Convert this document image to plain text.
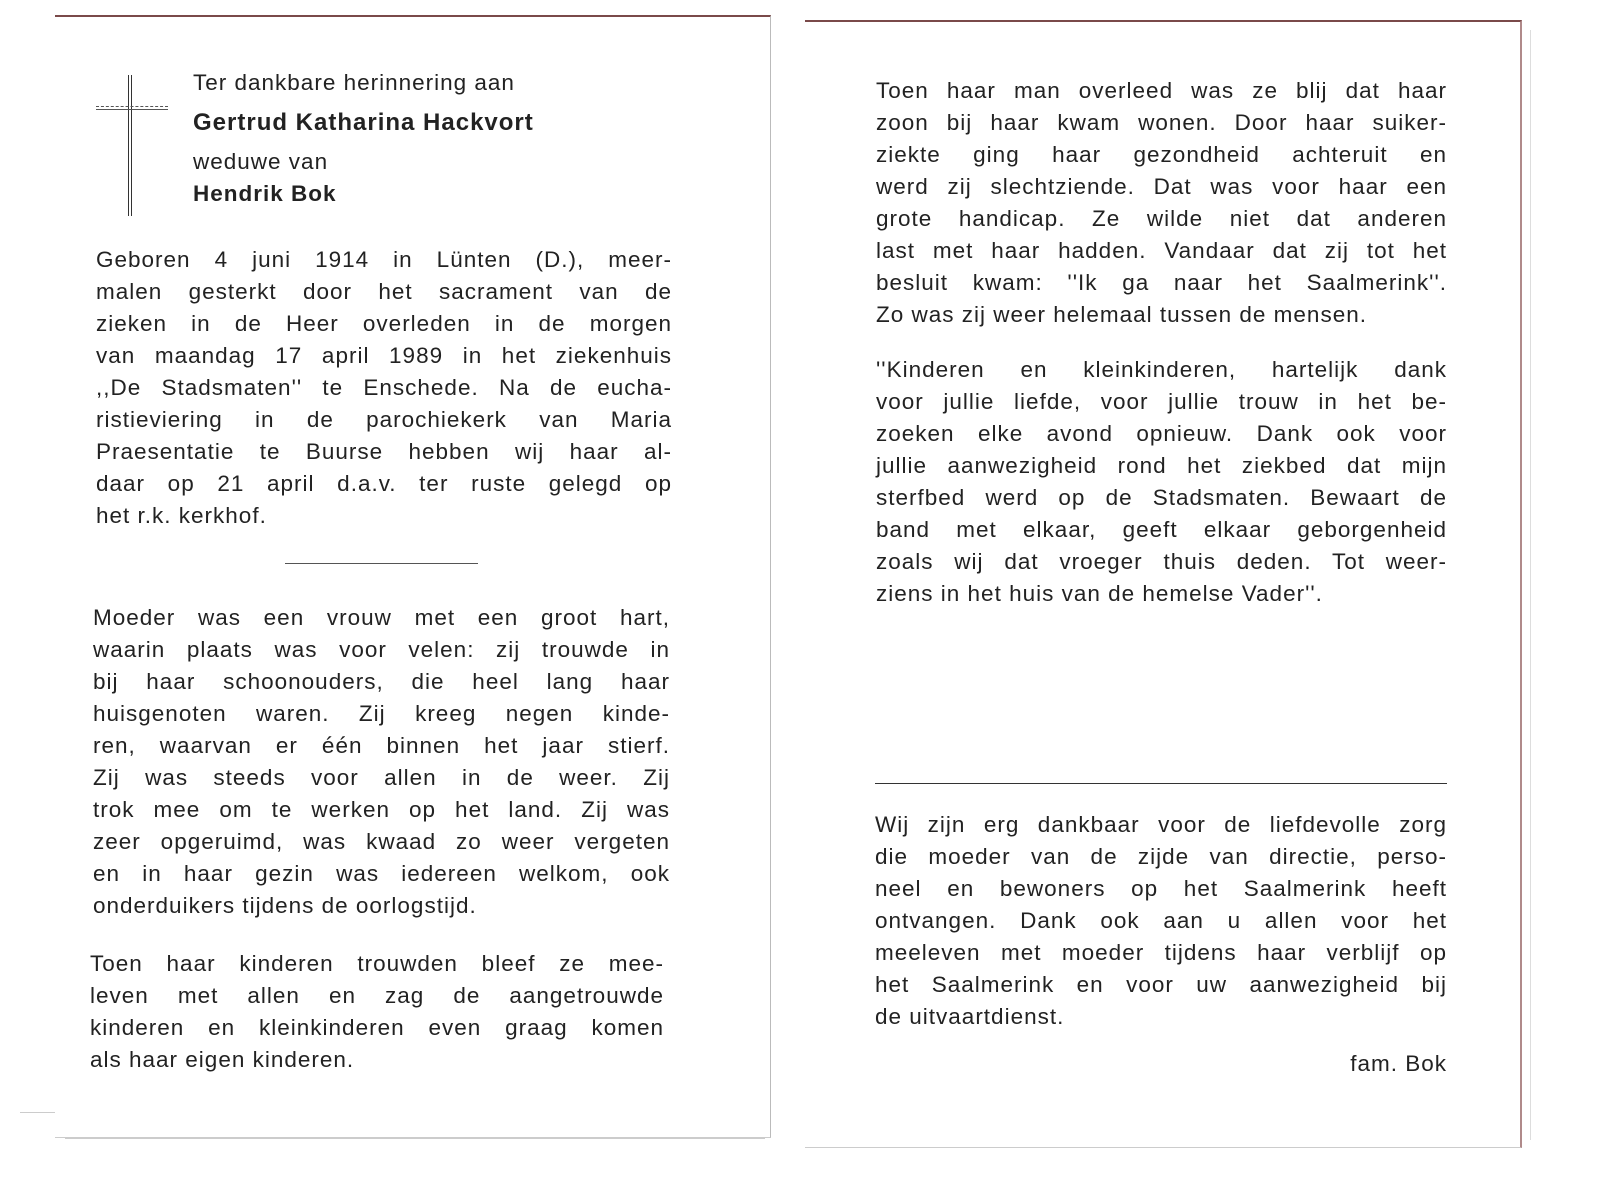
Ter dankbare herinnering aan
Gertrud Katharina Hackvort
weduwe van
Hendrik Bok
Geboren 4 juni 1914 in Lünten (D.), meer-
malen gesterkt door het sacrament van de
zieken in de Heer overleden in de morgen
van maandag 17 april 1989 in het ziekenhuis
,,De Stadsmaten'' te Enschede. Na de eucha-
ristieviering in de parochiekerk van Maria
Praesentatie te Buurse hebben wij haar al-
daar op 21 april d.a.v. ter ruste gelegd op
het r.k. kerkhof.
Moeder was een vrouw met een groot hart,
waarin plaats was voor velen: zij trouwde in
bij haar schoonouders, die heel lang haar
huisgenoten waren. Zij kreeg negen kinde-
ren, waarvan er één binnen het jaar stierf.
Zij was steeds voor allen in de weer. Zij
trok mee om te werken op het land. Zij was
zeer opgeruimd, was kwaad zo weer vergeten
en in haar gezin was iedereen welkom, ook
onderduikers tijdens de oorlogstijd.
Toen haar kinderen trouwden bleef ze mee-
leven met allen en zag de aangetrouwde
kinderen en kleinkinderen even graag komen
als haar eigen kinderen.
Toen haar man overleed was ze blij dat haar
zoon bij haar kwam wonen. Door haar suiker-
ziekte ging haar gezondheid achteruit en
werd zij slechtziende. Dat was voor haar een
grote handicap. Ze wilde niet dat anderen
last met haar hadden. Vandaar dat zij tot het
besluit kwam: ''Ik ga naar het Saalmerink''.
Zo was zij weer helemaal tussen de mensen.
''Kinderen en kleinkinderen, hartelijk dank
voor jullie liefde, voor jullie trouw in het be-
zoeken elke avond opnieuw. Dank ook voor
jullie aanwezigheid rond het ziekbed dat mijn
sterfbed werd op de Stadsmaten. Bewaart de
band met elkaar, geeft elkaar geborgenheid
zoals wij dat vroeger thuis deden. Tot weer-
ziens in het huis van de hemelse Vader''.
Wij zijn erg dankbaar voor de liefdevolle zorg
die moeder van de zijde van directie, perso-
neel en bewoners op het Saalmerink heeft
ontvangen. Dank ook aan u allen voor het
meeleven met moeder tijdens haar verblijf op
het Saalmerink en voor uw aanwezigheid bij
de uitvaartdienst.
fam. Bok
